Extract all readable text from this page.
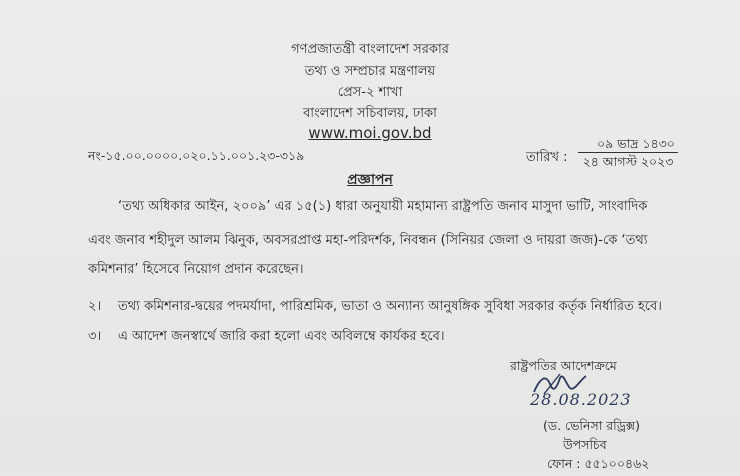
গণপ্রজাতন্ত্রী বাংলাদেশ সরকার
তথ্য ও সম্প্রচার মন্ত্রণালয়
প্রেস-২ শাখা
বাংলাদেশ সচিবালয়, ঢাকা
www.moi.gov.bd
নং-১৫.০০.০০০০.০২০.১১.০০১.২৩-৩১৯	তারিখ :
০৯ ভাদ্র ১৪৩০
২৪ আগস্ট ২০২৩
প্রজ্ঞাপন
‘তথ্য অধিকার আইন, ২০০৯’ এর ১৫(১) ধারা অনুযায়ী মহামান্য রাষ্ট্রপতি জনাব মাসুদা ভাটি, সাংবাদিক
এবং জনাব শহীদুল আলম ঝিনুক, অবসরপ্রাপ্ত মহা-পরিদর্শক, নিবন্ধন (সিনিয়র জেলা ও দায়রা জজ)-কে ‘তথ্য
কমিশনার’ হিসেবে নিয়োগ প্রদান করেছেন।
২। তথ্য কমিশনার-দ্বয়ের পদমর্যাদা, পারিশ্রমিক, ভাতা ও অন্যান্য আনুষঙ্গিক সুবিধা সরকার কর্তৃক নির্ধারিত হবে।
৩। এ আদেশ জনস্বার্থে জারি করা হলো এবং অবিলম্বে কার্যকর হবে।
রাষ্ট্রপতির আদেশক্রমে
28.08.2023
(ড. ভেনিসা রড্রিক্স)
উপসচিব
ফোন : ৫৫১০০৪৬২
